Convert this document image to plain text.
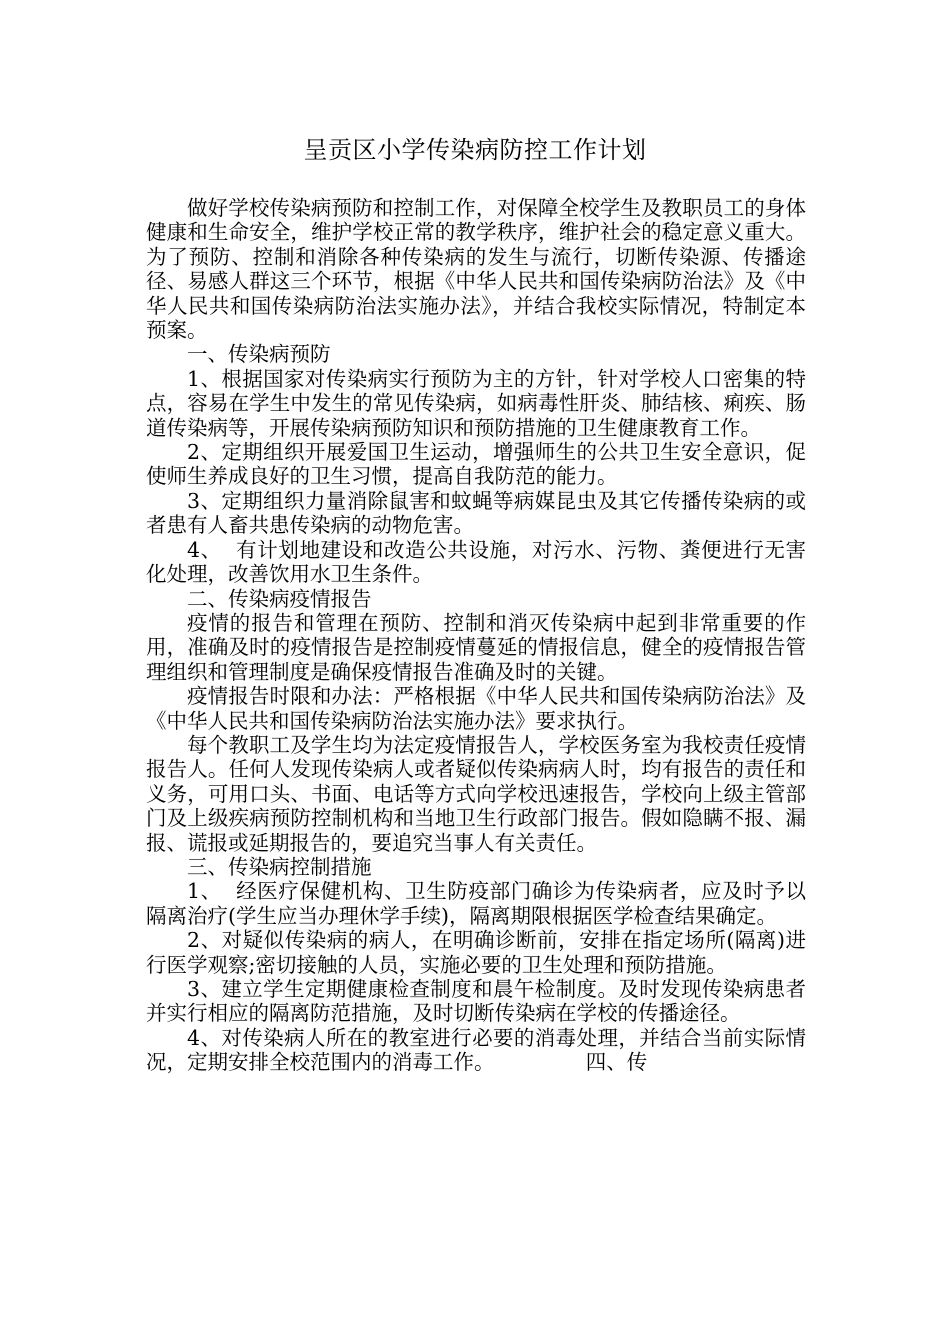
呈贡区小学传染病防控工作计划

做好学校传染病预防和控制工作，对保障全校学生及教职员工的身体健康和生命安全，维护学校正常的教学秩序，维护社会的稳定意义重大。为了预防、控制和消除各种传染病的发生与流行，切断传染源、传播途径、易感人群这三个环节，根据《中华人民共和国传染病防治法》及《中华人民共和国传染病防治法实施办法》，并结合我校实际情况，特制定本预案。

一、传染病预防

1、根据国家对传染病实行预防为主的方针，针对学校人口密集的特点，容易在学生中发生的常见传染病，如病毒性肝炎、肺结核、痢疾、肠道传染病等，开展传染病预防知识和预防措施的卫生健康教育工作。

2、定期组织开展爱国卫生运动，增强师生的公共卫生安全意识，促使师生养成良好的卫生习惯，提高自我防范的能力。

3、定期组织力量消除鼠害和蚊蝇等病媒昆虫及其它传播传染病的或者患有人畜共患传染病的动物危害。

4、  有计划地建设和改造公共设施，对污水、污物、粪便进行无害化处理，改善饮用水卫生条件。

二、传染病疫情报告

疫情的报告和管理在预防、控制和消灭传染病中起到非常重要的作用，准确及时的疫情报告是控制疫情蔓延的情报信息，健全的疫情报告管理组织和管理制度是确保疫情报告准确及时的关键。

疫情报告时限和办法：严格根据《中华人民共和国传染病防治法》及《中华人民共和国传染病防治法实施办法》要求执行。

每个教职工及学生均为法定疫情报告人，学校医务室为我校责任疫情报告人。任何人发现传染病人或者疑似传染病病人时，均有报告的责任和义务，可用口头、书面、电话等方式向学校迅速报告，学校向上级主管部门及上级疾病预防控制机构和当地卫生行政部门报告。假如隐瞒不报、漏报、谎报或延期报告的，要追究当事人有关责任。

三、传染病控制措施

1、  经医疗保健机构、卫生防疫部门确诊为传染病者，应及时予以隔离治疗(学生应当办理休学手续)，隔离期限根据医学检查结果确定。

2、对疑似传染病的病人，在明确诊断前，安排在指定场所(隔离)进行医学观察;密切接触的人员，实施必要的卫生处理和预防措施。

3、建立学生定期健康检查制度和晨午检制度。及时发现传染病患者并实行相应的隔离防范措施，及时切断传染病在学校的传播途径。

4、对传染病人所在的教室进行必要的消毒处理，并结合当前实际情况，定期安排全校范围内的消毒工作。              四、传
